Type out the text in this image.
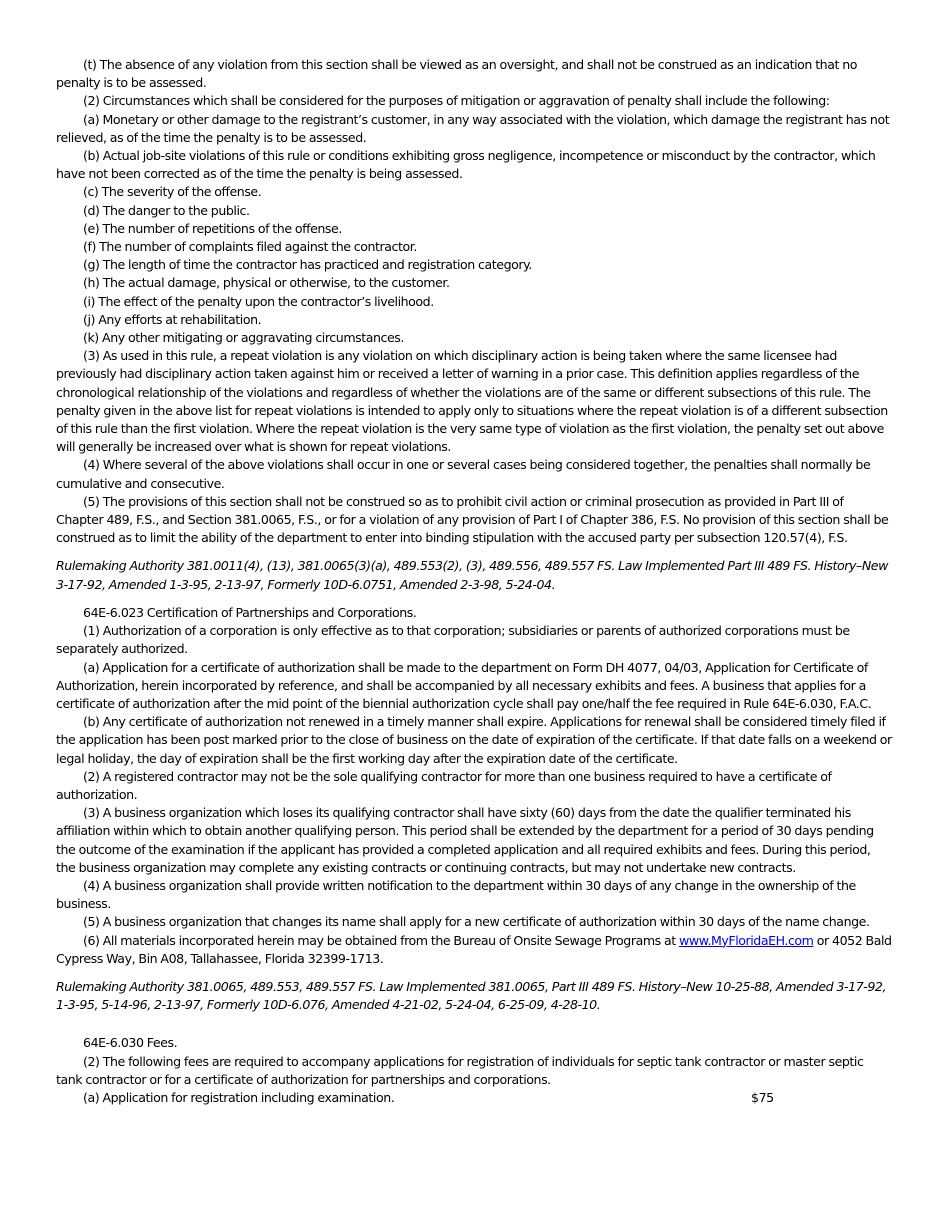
(t) The absence of any violation from this section shall be viewed as an oversight, and shall not be construed as an indication that no penalty is to be assessed.

(2) Circumstances which shall be considered for the purposes of mitigation or aggravation of penalty shall include the following:

(a) Monetary or other damage to the registrant’s customer, in any way associated with the violation, which damage the registrant has not relieved, as of the time the penalty is to be assessed.

(b) Actual job-site violations of this rule or conditions exhibiting gross negligence, incompetence or misconduct by the contractor, which have not been corrected as of the time the penalty is being assessed.

(c) The severity of the offense.

(d) The danger to the public.

(e) The number of repetitions of the offense.

(f) The number of complaints filed against the contractor.

(g) The length of time the contractor has practiced and registration category.

(h) The actual damage, physical or otherwise, to the customer.

(i) The effect of the penalty upon the contractor’s livelihood.

(j) Any efforts at rehabilitation.

(k) Any other mitigating or aggravating circumstances.

(3) As used in this rule, a repeat violation is any violation on which disciplinary action is being taken where the same licensee had previously had disciplinary action taken against him or received a letter of warning in a prior case. This definition applies regardless of the chronological relationship of the violations and regardless of whether the violations are of the same or different subsections of this rule. The penalty given in the above list for repeat violations is intended to apply only to situations where the repeat violation is of a different subsection of this rule than the first violation. Where the repeat violation is the very same type of violation as the first violation, the penalty set out above will generally be increased over what is shown for repeat violations.

(4) Where several of the above violations shall occur in one or several cases being considered together, the penalties shall normally be cumulative and consecutive.

(5) The provisions of this section shall not be construed so as to prohibit civil action or criminal prosecution as provided in Part III of Chapter 489, F.S., and Section 381.0065, F.S., or for a violation of any provision of Part I of Chapter 386, F.S. No provision of this section shall be construed as to limit the ability of the department to enter into binding stipulation with the accused party per subsection 120.57(4), F.S.

Rulemaking Authority 381.0011(4), (13), 381.0065(3)(a), 489.553(2), (3), 489.556, 489.557 FS. Law Implemented Part III 489 FS. History–New 3-17-92, Amended 1-3-95, 2-13-97, Formerly 10D-6.0751, Amended 2-3-98, 5-24-04.

64E-6.023 Certification of Partnerships and Corporations.

(1) Authorization of a corporation is only effective as to that corporation; subsidiaries or parents of authorized corporations must be separately authorized.

(a) Application for a certificate of authorization shall be made to the department on Form DH 4077, 04/03, Application for Certificate of Authorization, herein incorporated by reference, and shall be accompanied by all necessary exhibits and fees. A business that applies for a certificate of authorization after the mid point of the biennial authorization cycle shall pay one/half the fee required in Rule 64E-6.030, F.A.C.

(b) Any certificate of authorization not renewed in a timely manner shall expire. Applications for renewal shall be considered timely filed if the application has been post marked prior to the close of business on the date of expiration of the certificate. If that date falls on a weekend or legal holiday, the day of expiration shall be the first working day after the expiration date of the certificate.

(2) A registered contractor may not be the sole qualifying contractor for more than one business required to have a certificate of authorization.

(3) A business organization which loses its qualifying contractor shall have sixty (60) days from the date the qualifier terminated his affiliation within which to obtain another qualifying person. This period shall be extended by the department for a period of 30 days pending the outcome of the examination if the applicant has provided a completed application and all required exhibits and fees. During this period, the business organization may complete any existing contracts or continuing contracts, but may not undertake new contracts.

(4) A business organization shall provide written notification to the department within 30 days of any change in the ownership of the business.

(5) A business organization that changes its name shall apply for a new certificate of authorization within 30 days of the name change.

(6) All materials incorporated herein may be obtained from the Bureau of Onsite Sewage Programs at www.MyFloridaEH.com or 4052 Bald Cypress Way, Bin A08, Tallahassee, Florida 32399-1713.

Rulemaking Authority 381.0065, 489.553, 489.557 FS. Law Implemented 381.0065, Part III 489 FS. History–New 10-25-88, Amended 3-17-92, 1-3-95, 5-14-96, 2-13-97, Formerly 10D-6.076, Amended 4-21-02, 5-24-04, 6-25-09, 4-28-10.

64E-6.030 Fees.

(2) The following fees are required to accompany applications for registration of individuals for septic tank contractor or master septic tank contractor or for a certificate of authorization for partnerships and corporations.

(a) Application for registration including examination.	$75
